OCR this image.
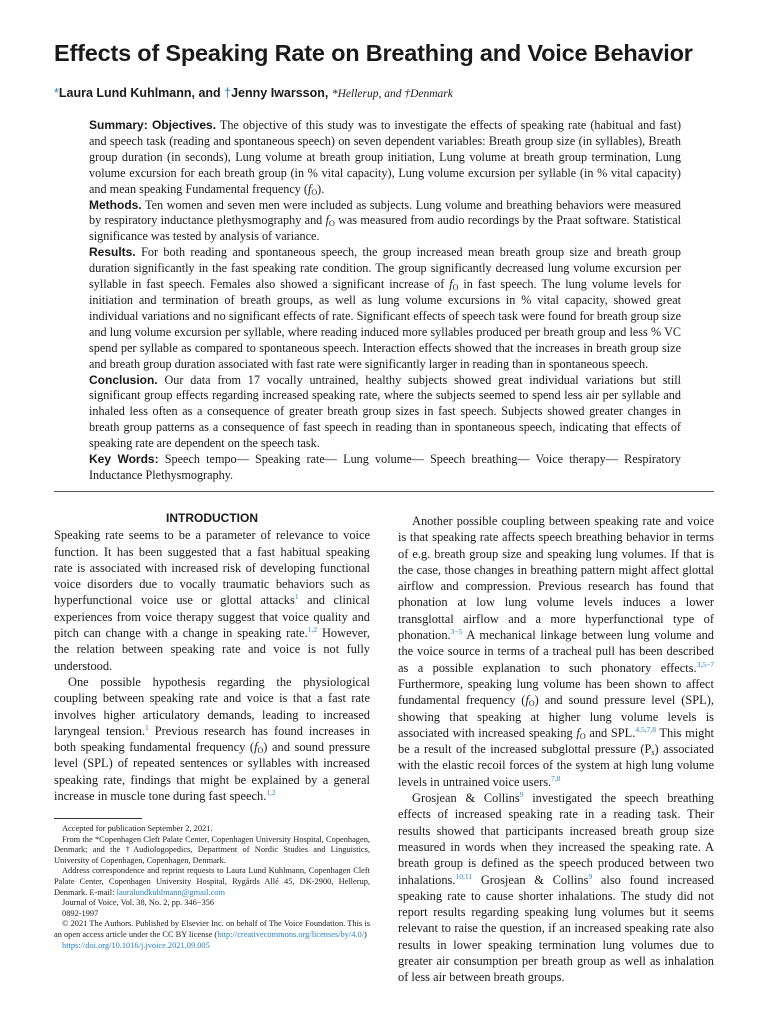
Effects of Speaking Rate on Breathing and Voice Behavior
*Laura Lund Kuhlmann, and †Jenny Iwarsson, *Hellerup, and †Denmark

Summary: Objectives. The objective of this study was to investigate the effects of speaking rate (habitual and fast) and speech task (reading and spontaneous speech) on seven dependent variables: Breath group size (in syllables), Breath group duration (in seconds), Lung volume at breath group initiation, Lung volume at breath group termination, Lung volume excursion for each breath group (in % vital capacity), Lung volume excursion per syllable (in % vital capacity) and mean speaking Fundamental frequency $(f_O)$.

Methods. Ten women and seven men were included as subjects. Lung volume and breathing behaviors were measured by respiratory inductance plethysmography and $f_O$ was measured from audio recordings by the Praat software. Statistical significance was tested by analysis of variance.

Results. For both reading and spontaneous speech, the group increased mean breath group size and breath group duration significantly in the fast speaking rate condition. The group significantly decreased lung volume excursion per syllable in fast speech. Females also showed a significant increase of $f_O$ in fast speech. The lung volume levels for initiation and termination of breath groups, as well as lung volume excursions in % vital capacity, showed great individual variations and no significant effects of rate. Significant effects of speech task were found for breath group size and lung volume excursion per syllable, where reading induced more syllables produced per breath group and less % VC spend per syllable as compared to spontaneous speech. Interaction effects showed that the increases in breath group size and breath group duration associated with fast rate were significantly larger in reading than in spontaneous speech.

Conclusion. Our data from 17 vocally untrained, healthy subjects showed great individual variations but still significant group effects regarding increased speaking rate, where the subjects seemed to spend less air per syllable and inhaled less often as a consequence of greater breath group sizes in fast speech. Subjects showed greater changes in breath group patterns as a consequence of fast speech in reading than in spontaneous speech, indicating that effects of speaking rate are dependent on the speech task.

Key Words: Speech tempo— Speaking rate— Lung volume— Speech breathing— Voice therapy— Respiratory Inductance Plethysmography.

INTRODUCTION

Speaking rate seems to be a parameter of relevance to voice function. It has been suggested that a fast habitual speaking rate is associated with increased risk of developing functional voice disorders due to vocally traumatic behaviors such as hyperfunctional voice use or glottal attacks$^1$ and clinical experiences from voice therapy suggest that voice quality and pitch can change with a change in speaking rate.$^{1,2}$ However, the relation between speaking rate and voice is not fully understood.

One possible hypothesis regarding the physiological coupling between speaking rate and voice is that a fast rate involves higher articulatory demands, leading to increased laryngeal tension.$^1$ Previous research has found increases in both speaking fundamental frequency $(f_O)$ and sound pressure level (SPL) of repeated sentences or syllables with increased speaking rate, findings that might be explained by a general increase in muscle tone during fast speech.$^{1,2}$

Accepted for publication September 2, 2021.

From the *Copenhagen Cleft Palate Center, Copenhagen University Hospital, Copenhagen, Denmark; and the †Audiologopedics, Department of Nordic Studies and Linguistics, University of Copenhagen, Copenhagen, Denmark.

Address correspondence and reprint requests to Laura Lund Kuhlmann, Copenhagen Cleft Palate Center, Copenhagen University Hospital, Rygårds Allé 45, DK-2900, Hellerup, Denmark. E-mail: lauralundkuhlmann@gmail.com

Journal of Voice, Vol. 38, No. 2, pp. 346−356

0892-1997

© 2021 The Authors. Published by Elsevier Inc. on behalf of The Voice Foundation. This is an open access article under the CC BY license (http://creativecommons.org/licenses/by/4.0/)

https://doi.org/10.1016/j.jvoice.2021.09.005

Another possible coupling between speaking rate and voice is that speaking rate affects speech breathing behavior in terms of e.g. breath group size and speaking lung volumes. If that is the case, those changes in breathing pattern might affect glottal airflow and compression. Previous research has found that phonation at low lung volume levels induces a lower transglottal airflow and a more hyperfunctional type of phonation.$^{3-5}$ A mechanical linkage between lung volume and the voice source in terms of a tracheal pull has been described as a possible explanation to such phonatory effects.$^{3,5-7}$ Furthermore, speaking lung volume has been shown to affect fundamental frequency $(f_O)$ and sound pressure level (SPL), showing that speaking at higher lung volume levels is associated with increased speaking $f_O$ and SPL.$^{4,5,7,8}$ This might be a result of the increased subglottal pressure $(P_s)$ associated with the elastic recoil forces of the system at high lung volume levels in untrained voice users.$^{7,8}$

Grosjean & Collins$^9$ investigated the speech breathing effects of increased speaking rate in a reading task. Their results showed that participants increased breath group size measured in words when they increased the speaking rate. A breath group is defined as the speech produced between two inhalations.$^{10,11}$ Grosjean & Collins$^9$ also found increased speaking rate to cause shorter inhalations. The study did not report results regarding speaking lung volumes but it seems relevant to raise the question, if an increased speaking rate also results in lower speaking termination lung volumes due to greater air consumption per breath group as well as inhalation of less air between breath groups.
